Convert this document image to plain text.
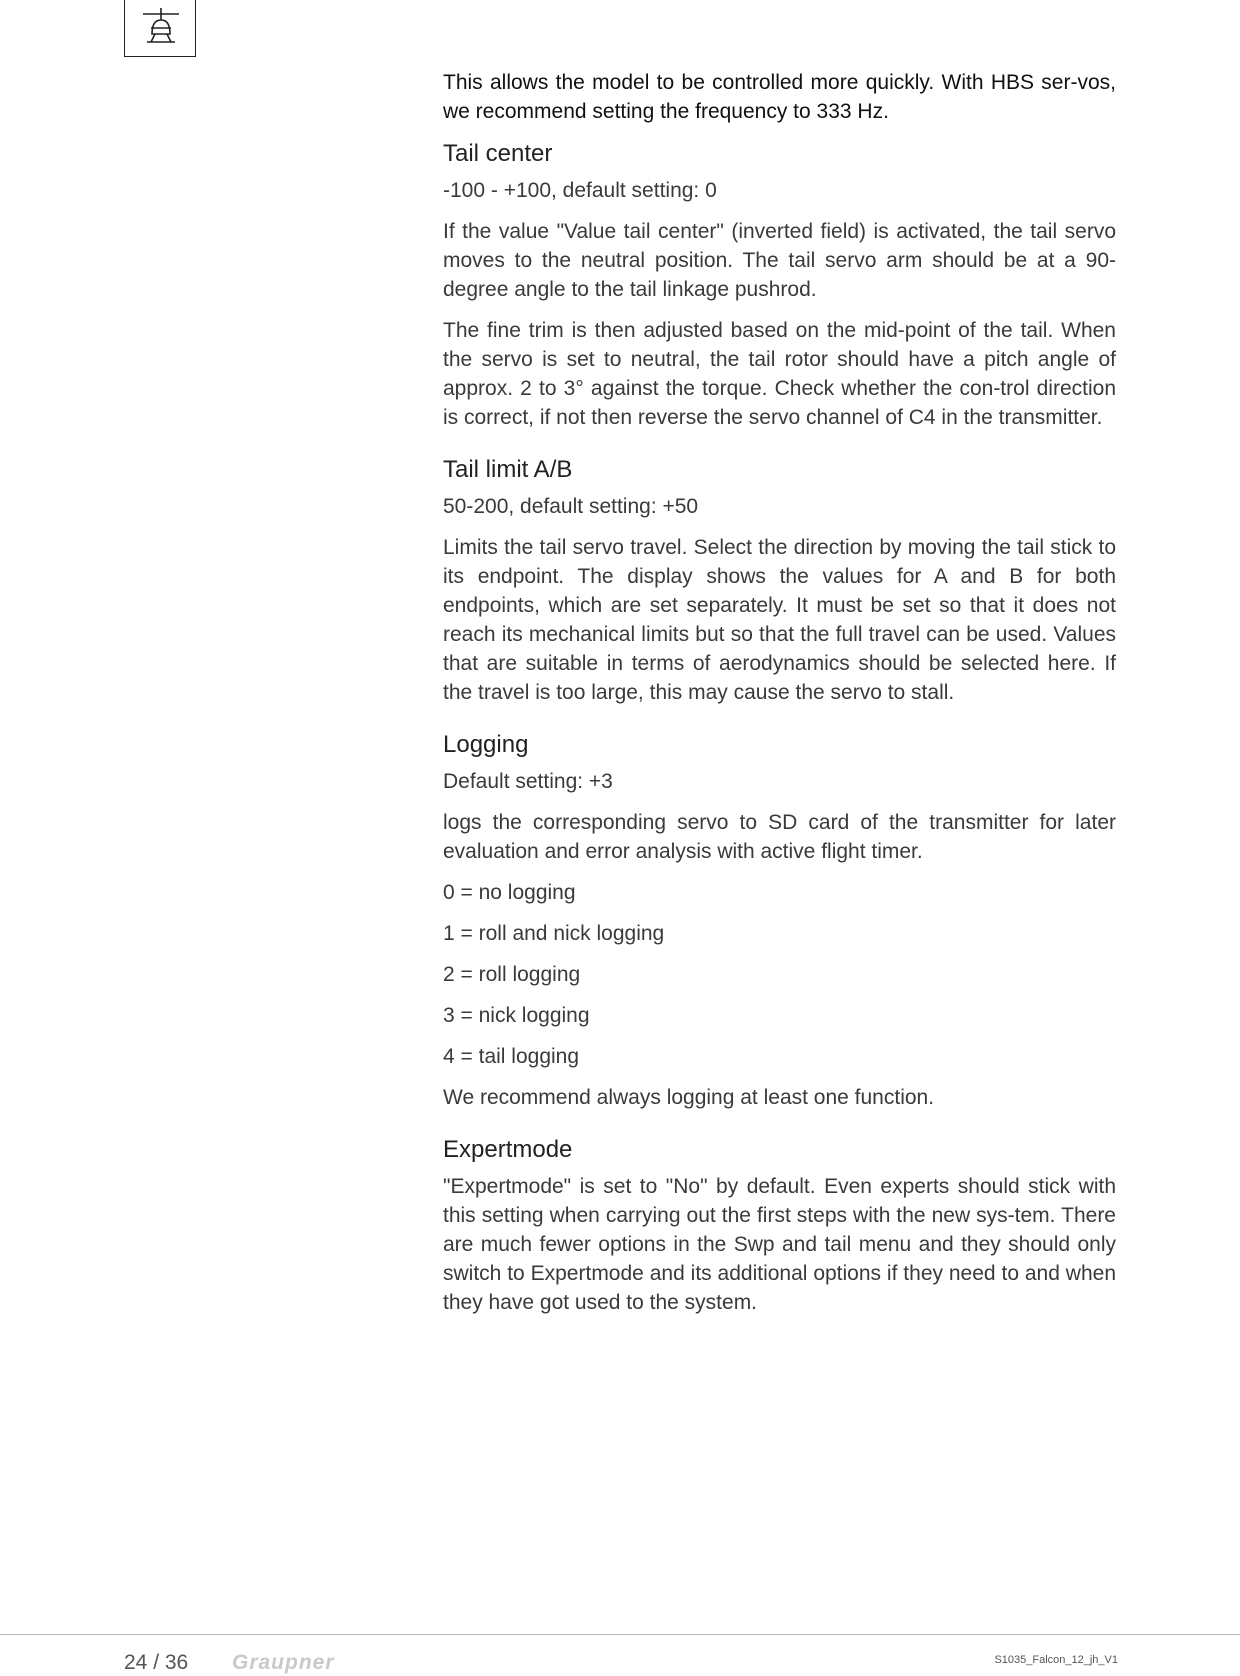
This allows the model to be controlled more quickly. With HBS ser-vos, we recommend setting the frequency to 333 Hz.

Tail center

-100 - +100, default setting: 0

If the value "Value tail center" (inverted field) is activated, the tail servo moves to the neutral position. The tail servo arm should be at a 90-degree angle to the tail linkage pushrod.

The fine trim is then adjusted based on the mid-point of the tail. When the servo is set to neutral, the tail rotor should have a pitch angle of approx. 2 to 3° against the torque. Check whether the con-trol direction is correct, if not then reverse the servo channel of C4 in the transmitter.

Tail limit A/B

50-200, default setting: +50

Limits the tail servo travel. Select the direction by moving the tail stick to its endpoint. The display shows the values for A and B for both endpoints, which are set separately. It must be set so that it does not reach its mechanical limits but so that the full travel can be used. Values that are suitable in terms of aerodynamics should be selected here. If the travel is too large, this may cause the servo to stall.

Logging

Default setting: +3

logs the corresponding servo to SD card of the transmitter for later evaluation and error analysis with active flight timer.

0 = no logging

1 = roll and nick logging

2 = roll logging

3 = nick logging

4 = tail logging

We recommend always logging at least one function.

Expertmode

"Expertmode" is set to "No" by default. Even experts should stick with this setting when carrying out the first steps with the new sys-tem. There are much fewer options in the Swp and tail menu and they should only switch to Expertmode and its additional options if they need to and when they have got used to the system.

24 / 36 Graupner	S1035_Falcon_12_jh_V1
